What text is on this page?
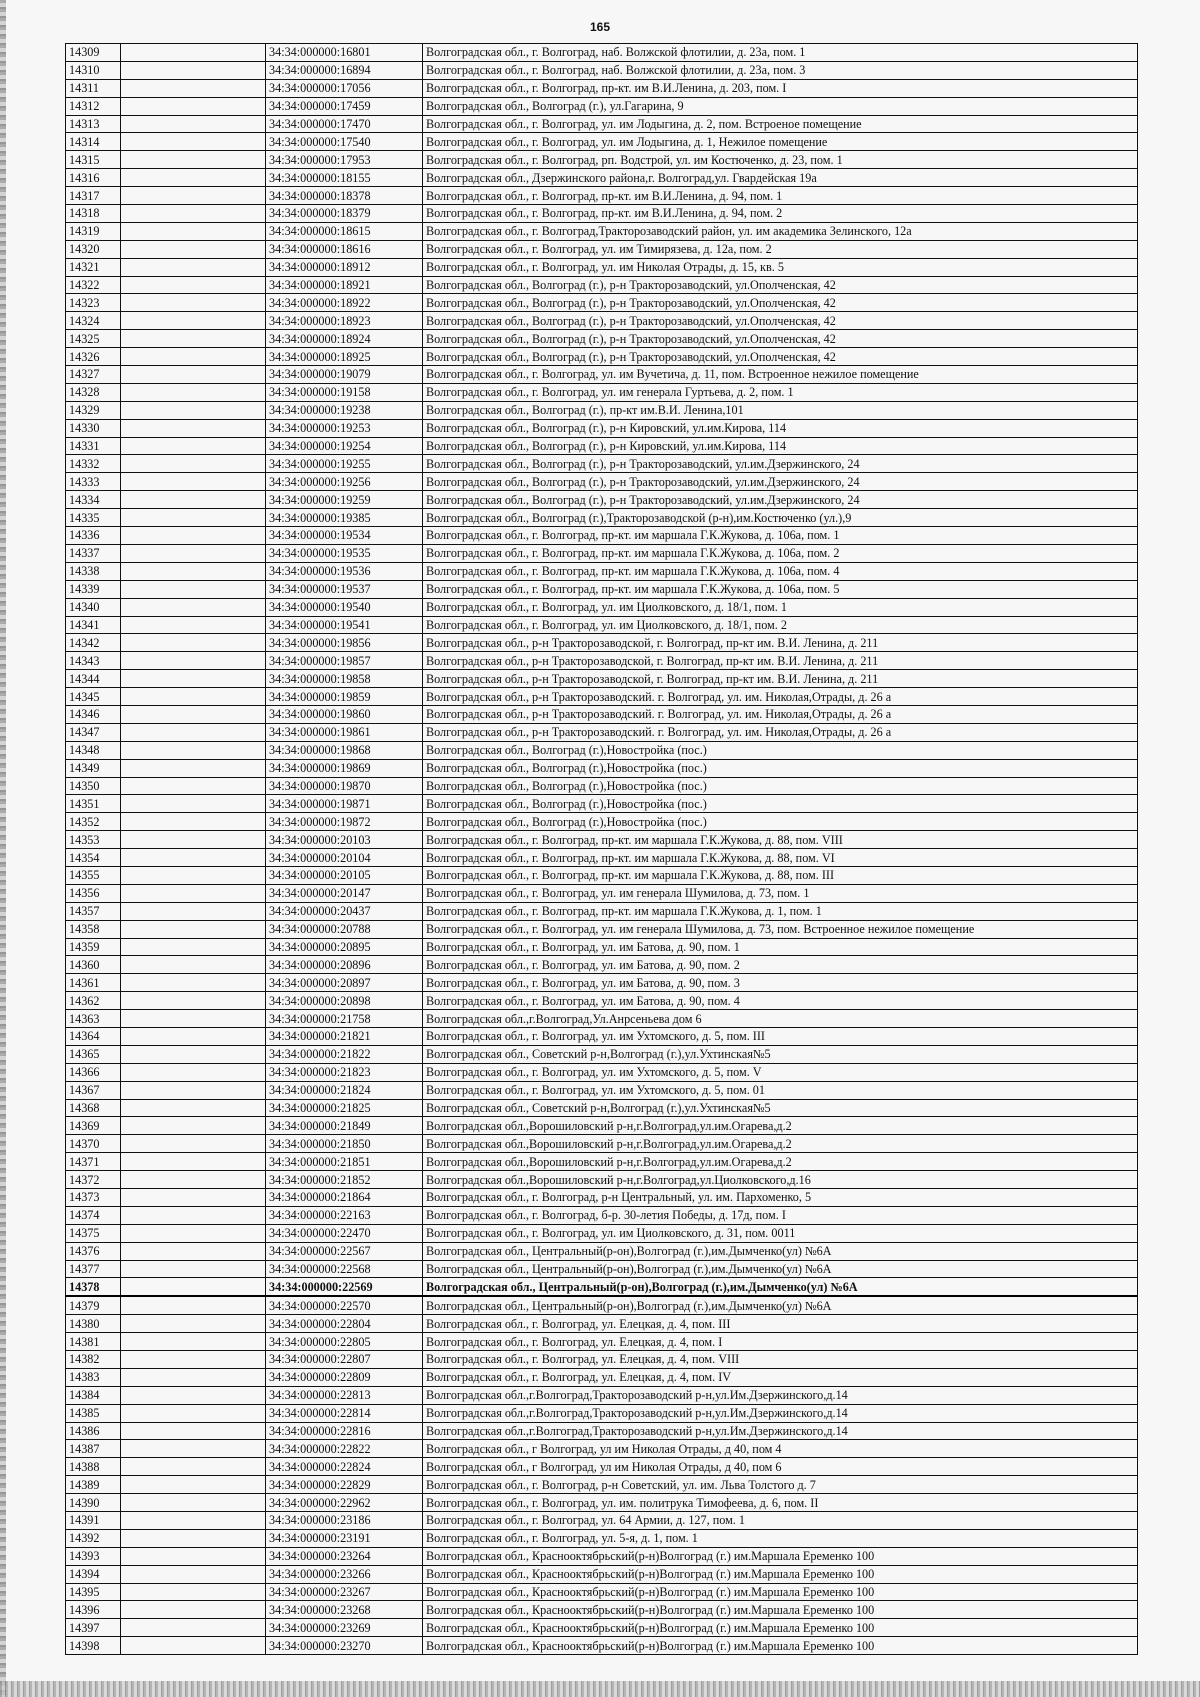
165
14309		34:34:000000:16801	Волгоградская обл., г. Волгоград, наб. Волжской флотилии, д. 23а, пом. 1
14310		34:34:000000:16894	Волгоградская обл., г. Волгоград, наб. Волжской флотилии, д. 23а, пом. 3
14311		34:34:000000:17056	Волгоградская обл., г. Волгоград, пр-кт. им В.И.Ленина, д. 203, пом. I
14312		34:34:000000:17459	Волгоградская обл., Волгоград (г.), ул.Гагарина, 9
14313		34:34:000000:17470	Волгоградская обл., г. Волгоград, ул. им Лодыгина, д. 2, пом. Встроеное помещение
14314		34:34:000000:17540	Волгоградская обл., г. Волгоград, ул. им Лодыгина, д. 1, Нежилое помещение
14315		34:34:000000:17953	Волгоградская обл., г. Волгоград, рп. Водстрой, ул. им Костюченко, д. 23, пом. 1
14316		34:34:000000:18155	Волгоградская обл., Дзержинского района,г. Волгоград,ул. Гвардейская 19а
14317		34:34:000000:18378	Волгоградская обл., г. Волгоград, пр-кт. им В.И.Ленина, д. 94, пом. 1
14318		34:34:000000:18379	Волгоградская обл., г. Волгоград, пр-кт. им В.И.Ленина, д. 94, пом. 2
14319		34:34:000000:18615	Волгоградская обл., г. Волгоград,Тракторозаводский район, ул. им академика Зелинского, 12а
14320		34:34:000000:18616	Волгоградская обл., г. Волгоград, ул. им Тимирязева, д. 12а, пом. 2
14321		34:34:000000:18912	Волгоградская обл., г. Волгоград, ул. им Николая Отрады, д. 15, кв. 5
14322		34:34:000000:18921	Волгоградская обл., Волгоград (г.), р-н Тракторозаводский, ул.Ополченская, 42
14323		34:34:000000:18922	Волгоградская обл., Волгоград (г.), р-н Тракторозаводский, ул.Ополченская, 42
14324		34:34:000000:18923	Волгоградская обл., Волгоград (г.), р-н Тракторозаводский, ул.Ополченская, 42
14325		34:34:000000:18924	Волгоградская обл., Волгоград (г.), р-н Тракторозаводский, ул.Ополченская, 42
14326		34:34:000000:18925	Волгоградская обл., Волгоград (г.), р-н Тракторозаводский, ул.Ополченская, 42
14327		34:34:000000:19079	Волгоградская обл., г. Волгоград, ул. им Вучетича, д. 11, пом. Встроенное нежилое помещение
14328		34:34:000000:19158	Волгоградская обл., г. Волгоград, ул. им генерала Гуртьева, д. 2, пом. 1
14329		34:34:000000:19238	Волгоградская обл., Волгоград (г.), пр-кт им.В.И. Ленина,101
14330		34:34:000000:19253	Волгоградская обл., Волгоград (г.), р-н Кировский, ул.им.Кирова, 114
14331		34:34:000000:19254	Волгоградская обл., Волгоград (г.), р-н Кировский, ул.им.Кирова, 114
14332		34:34:000000:19255	Волгоградская обл., Волгоград (г.), р-н Тракторозаводский, ул.им.Дзержинского, 24
14333		34:34:000000:19256	Волгоградская обл., Волгоград (г.), р-н Тракторозаводский, ул.им.Дзержинского, 24
14334		34:34:000000:19259	Волгоградская обл., Волгоград (г.), р-н Тракторозаводский, ул.им.Дзержинского, 24
14335		34:34:000000:19385	Волгоградская обл., Волгоград (г.),Тракторозаводской (р-н),им.Костюченко (ул.),9
14336		34:34:000000:19534	Волгоградская обл., г. Волгоград, пр-кт. им маршала Г.К.Жукова, д. 106а, пом. 1
14337		34:34:000000:19535	Волгоградская обл., г. Волгоград, пр-кт. им маршала Г.К.Жукова, д. 106а, пом. 2
14338		34:34:000000:19536	Волгоградская обл., г. Волгоград, пр-кт. им маршала Г.К.Жукова, д. 106а, пом. 4
14339		34:34:000000:19537	Волгоградская обл., г. Волгоград, пр-кт. им маршала Г.К.Жукова, д. 106а, пом. 5
14340		34:34:000000:19540	Волгоградская обл., г. Волгоград, ул. им Циолковского, д. 18/1, пом. 1
14341		34:34:000000:19541	Волгоградская обл., г. Волгоград, ул. им Циолковского, д. 18/1, пом. 2
14342		34:34:000000:19856	Волгоградская обл., р-н Тракторозаводской, г. Волгоград, пр-кт им. В.И. Ленина, д. 211
14343		34:34:000000:19857	Волгоградская обл., р-н Тракторозаводской, г. Волгоград, пр-кт им. В.И. Ленина, д. 211
14344		34:34:000000:19858	Волгоградская обл., р-н Тракторозаводской, г. Волгоград, пр-кт им. В.И. Ленина, д. 211
14345		34:34:000000:19859	Волгоградская обл., р-н Тракторозаводский. г. Волгоград, ул. им. Николая,Отрады, д. 26 а
14346		34:34:000000:19860	Волгоградская обл., р-н Тракторозаводский. г. Волгоград, ул. им. Николая,Отрады, д. 26 а
14347		34:34:000000:19861	Волгоградская обл., р-н Тракторозаводский. г. Волгоград, ул. им. Николая,Отрады, д. 26 а
14348		34:34:000000:19868	Волгоградская обл., Волгоград (г.),Новостройка (пос.)
14349		34:34:000000:19869	Волгоградская обл., Волгоград (г.),Новостройка (пос.)
14350		34:34:000000:19870	Волгоградская обл., Волгоград (г.),Новостройка (пос.)
14351		34:34:000000:19871	Волгоградская обл., Волгоград (г.),Новостройка (пос.)
14352		34:34:000000:19872	Волгоградская обл., Волгоград (г.),Новостройка (пос.)
14353		34:34:000000:20103	Волгоградская обл., г. Волгоград, пр-кт. им маршала Г.К.Жукова, д. 88, пом. VIII
14354		34:34:000000:20104	Волгоградская обл., г. Волгоград, пр-кт. им маршала Г.К.Жукова, д. 88, пом. VI
14355		34:34:000000:20105	Волгоградская обл., г. Волгоград, пр-кт. им маршала Г.К.Жукова, д. 88, пом. III
14356		34:34:000000:20147	Волгоградская обл., г. Волгоград, ул. им генерала Шумилова, д. 73, пом. 1
14357		34:34:000000:20437	Волгоградская обл., г. Волгоград, пр-кт. им маршала Г.К.Жукова, д. 1, пом. 1
14358		34:34:000000:20788	Волгоградская обл., г. Волгоград, ул. им генерала Шумилова, д. 73, пом. Встроенное нежилое помещение
14359		34:34:000000:20895	Волгоградская обл., г. Волгоград, ул. им Батова, д. 90, пом. 1
14360		34:34:000000:20896	Волгоградская обл., г. Волгоград, ул. им Батова, д. 90, пом. 2
14361		34:34:000000:20897	Волгоградская обл., г. Волгоград, ул. им Батова, д. 90, пом. 3
14362		34:34:000000:20898	Волгоградская обл., г. Волгоград, ул. им Батова, д. 90, пом. 4
14363		34:34:000000:21758	Волгоградская обл.,г.Волгоград,Ул.Анрсеньева дом 6
14364		34:34:000000:21821	Волгоградская обл., г. Волгоград, ул. им Ухтомского, д. 5, пом. III
14365		34:34:000000:21822	Волгоградская обл., Советский р-н,Волгоград (г.),ул.Ухтинская№5
14366		34:34:000000:21823	Волгоградская обл., г. Волгоград, ул. им Ухтомского, д. 5, пом. V
14367		34:34:000000:21824	Волгоградская обл., г. Волгоград, ул. им Ухтомского, д. 5, пом. 01
14368		34:34:000000:21825	Волгоградская обл., Советский р-н,Волгоград (г.),ул.Ухтинская№5
14369		34:34:000000:21849	Волгоградская обл.,Ворошиловский р-н,г.Волгоград,ул.им.Огарева,д.2
14370		34:34:000000:21850	Волгоградская обл.,Ворошиловский р-н,г.Волгоград,ул.им.Огарева,д.2
14371		34:34:000000:21851	Волгоградская обл.,Ворошиловский р-н,г.Волгоград,ул.им.Огарева,д.2
14372		34:34:000000:21852	Волгоградская обл.,Ворошиловский р-н,г.Волгоград,ул.Циолковского,д.16
14373		34:34:000000:21864	Волгоградская обл., г. Волгоград, р-н Центральный, ул. им. Пархоменко, 5
14374		34:34:000000:22163	Волгоградская обл., г. Волгоград, б-р. 30-летия Победы, д. 17д, пом. I
14375		34:34:000000:22470	Волгоградская обл., г. Волгоград, ул. им Циолковского, д. 31, пом. 0011
14376		34:34:000000:22567	Волгоградская обл., Центральный(р-он),Волгоград (г.),им.Дымченко(ул) №6А
14377		34:34:000000:22568	Волгоградская обл., Центральный(р-он),Волгоград (г.),им.Дымченко(ул) №6А
14378		34:34:000000:22569	Волгоградская обл., Центральный(р-он),Волгоград (г.),им.Дымченко(ул) №6А
14379		34:34:000000:22570	Волгоградская обл., Центральный(р-он),Волгоград (г.),им.Дымченко(ул) №6А
14380		34:34:000000:22804	Волгоградская обл., г. Волгоград, ул. Елецкая, д. 4, пом. III
14381		34:34:000000:22805	Волгоградская обл., г. Волгоград, ул. Елецкая, д. 4, пом. I
14382		34:34:000000:22807	Волгоградская обл., г. Волгоград, ул. Елецкая, д. 4, пом. VIII
14383		34:34:000000:22809	Волгоградская обл., г. Волгоград, ул. Елецкая, д. 4, пом. IV
14384		34:34:000000:22813	Волгоградская обл.,г.Волгоград,Тракторозаводский р-н,ул.Им.Дзержинского,д.14
14385		34:34:000000:22814	Волгоградская обл.,г.Волгоград,Тракторозаводский р-н,ул.Им.Дзержинского,д.14
14386		34:34:000000:22816	Волгоградская обл.,г.Волгоград,Тракторозаводский р-н,ул.Им.Дзержинского,д.14
14387		34:34:000000:22822	Волгоградская обл., г Волгоград, ул им Николая Отрады, д 40, пом 4
14388		34:34:000000:22824	Волгоградская обл., г Волгоград, ул им Николая Отрады, д 40, пом 6
14389		34:34:000000:22829	Волгоградская обл., г. Волгоград, р-н Советский, ул. им. Льва Толстого д. 7
14390		34:34:000000:22962	Волгоградская обл., г. Волгоград, ул. им. политрука Тимофеева, д. 6, пом. II
14391		34:34:000000:23186	Волгоградская обл., г. Волгоград, ул. 64 Армии, д. 127, пом. 1
14392		34:34:000000:23191	Волгоградская обл., г. Волгоград, ул. 5-я, д. 1, пом. 1
14393		34:34:000000:23264	Волгоградская обл., Краснооктябрьский(р-н)Волгоград (г.) им.Маршала Еременко 100
14394		34:34:000000:23266	Волгоградская обл., Краснооктябрьский(р-н)Волгоград (г.) им.Маршала Еременко 100
14395		34:34:000000:23267	Волгоградская обл., Краснооктябрьский(р-н)Волгоград (г.) им.Маршала Еременко 100
14396		34:34:000000:23268	Волгоградская обл., Краснооктябрьский(р-н)Волгоград (г.) им.Маршала Еременко 100
14397		34:34:000000:23269	Волгоградская обл., Краснооктябрьский(р-н)Волгоград (г.) им.Маршала Еременко 100
14398		34:34:000000:23270	Волгоградская обл., Краснооктябрьский(р-н)Волгоград (г.) им.Маршала Еременко 100
